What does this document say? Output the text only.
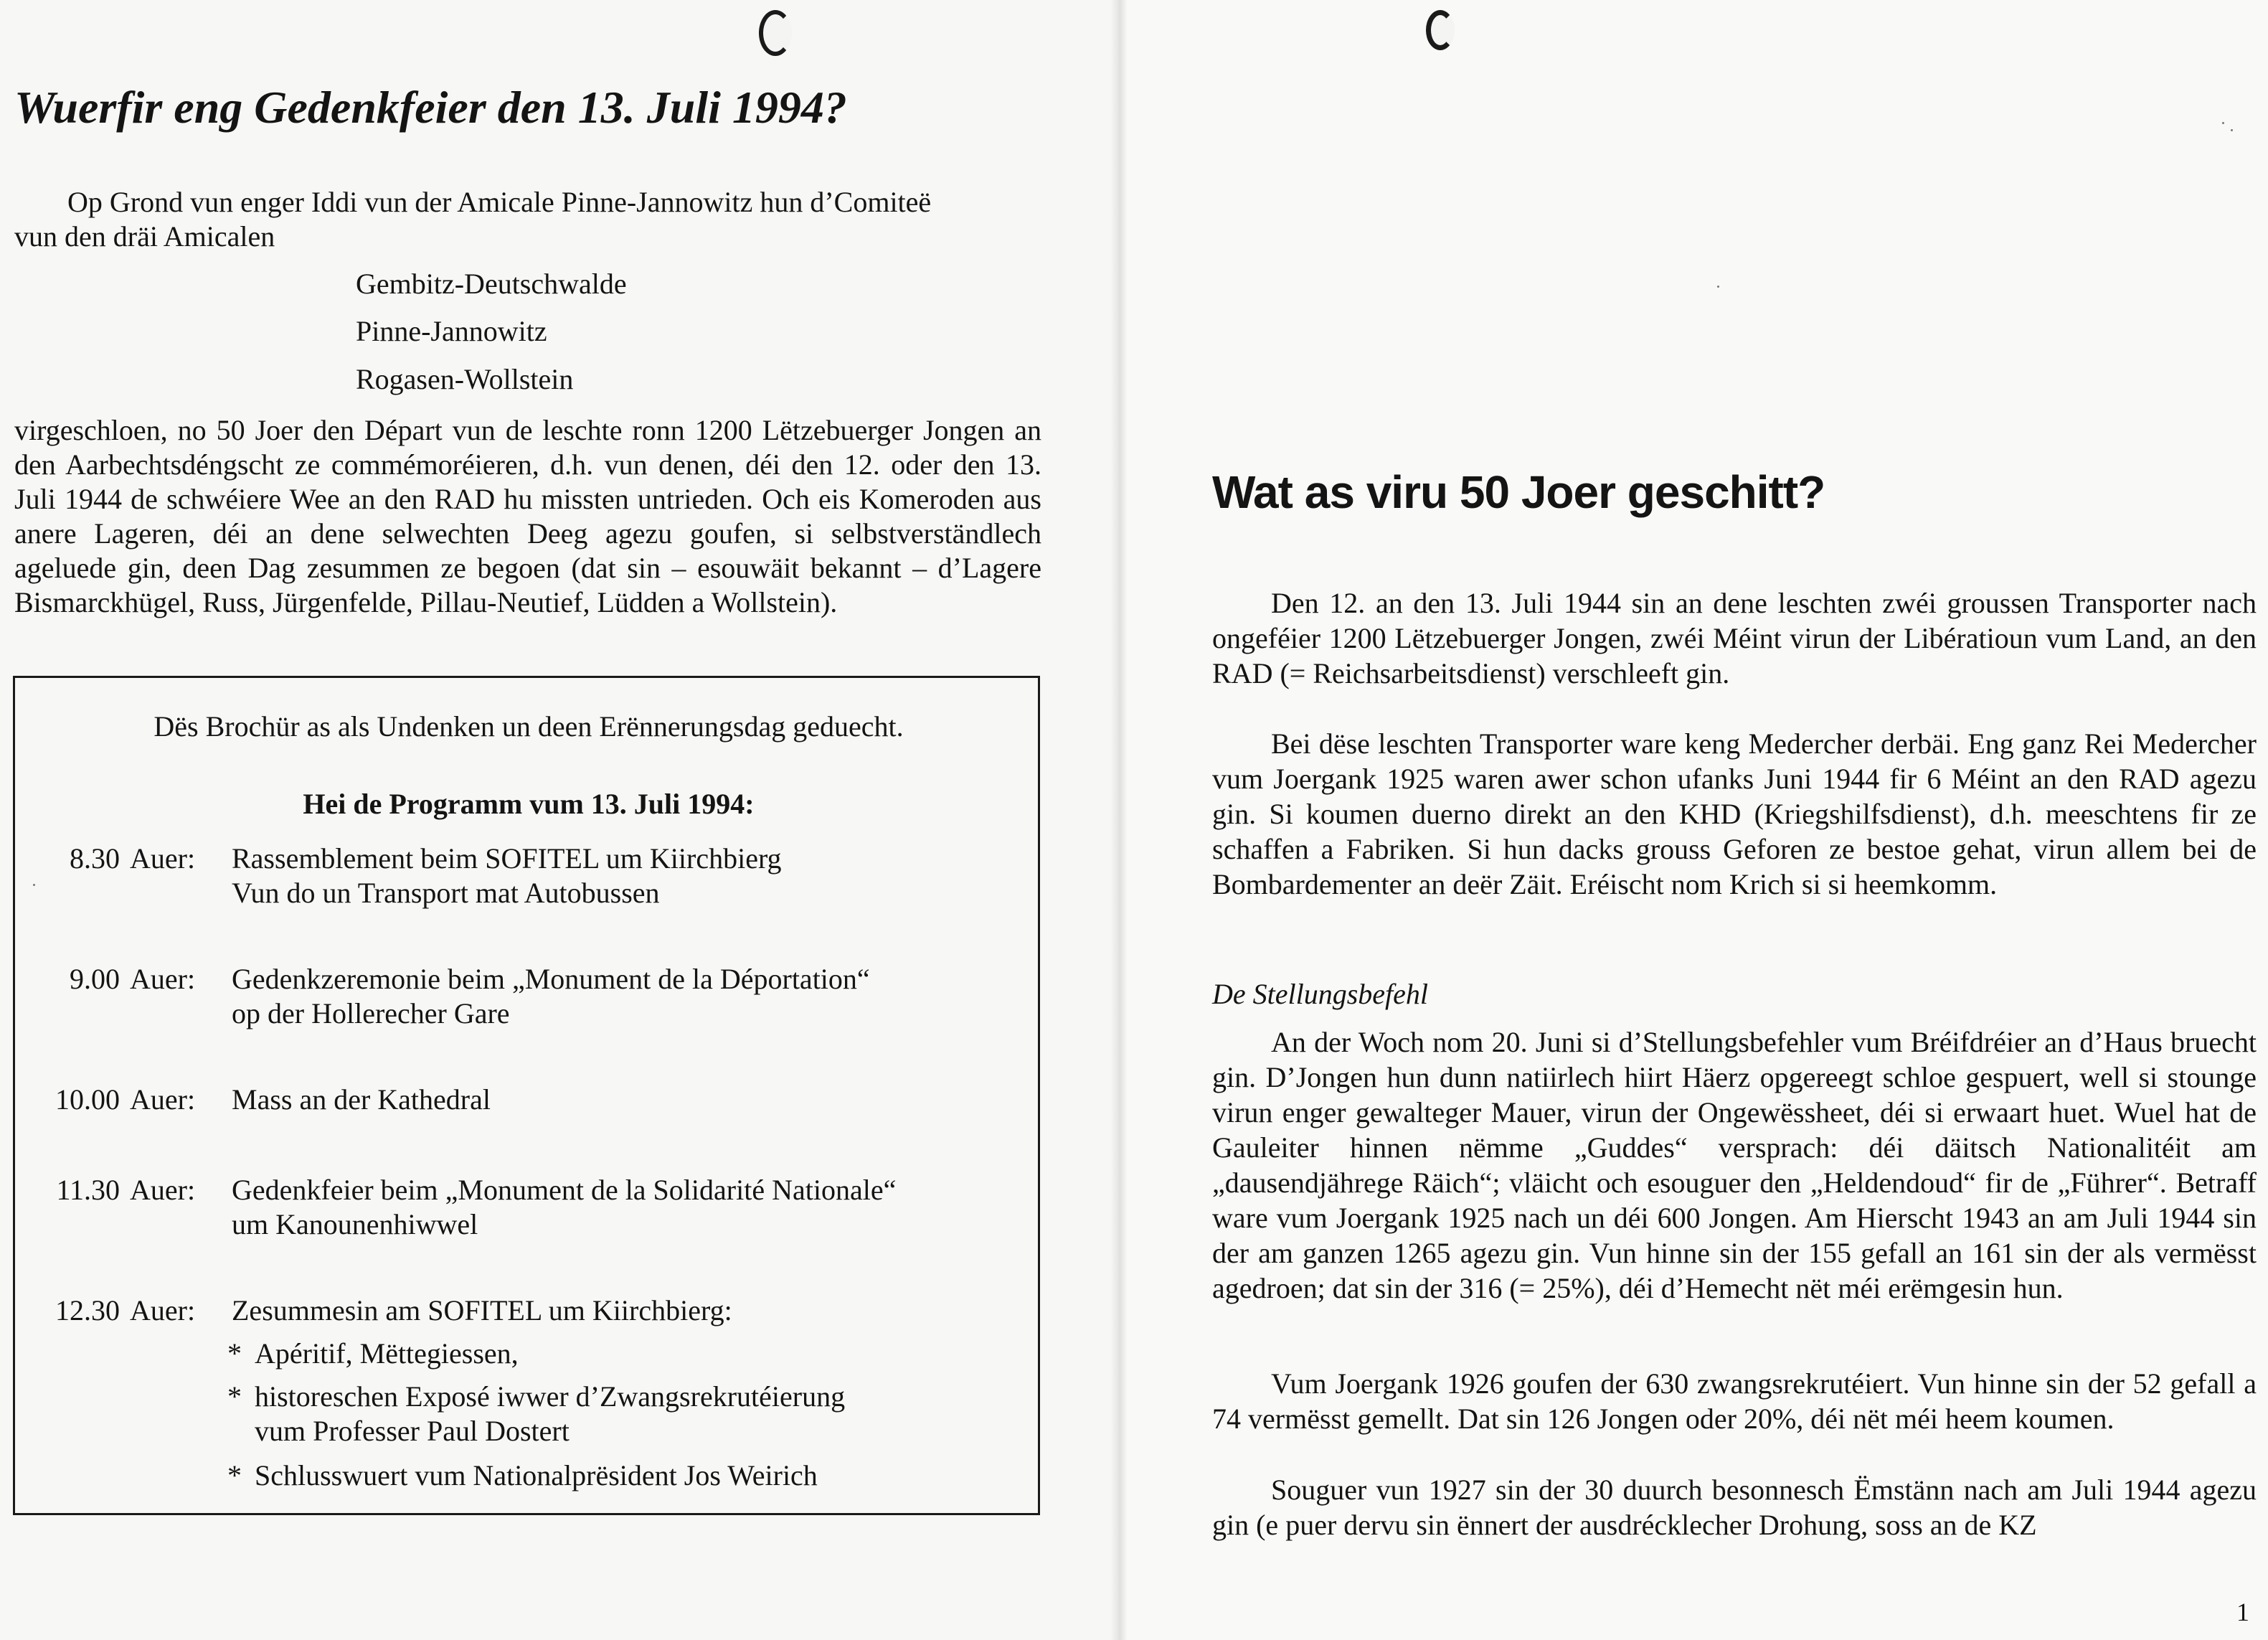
Wuerfir eng Gedenkfeier den 13. Juli 1994?
Op Grond vun enger Iddi vun der Amicale Pinne-Jannowitz hun d’Comiteë
vun den dräi Amicalen
Gembitz-Deutschwalde
Pinne-Jannowitz
Rogasen-Wollstein
virgeschloen, no 50 Joer den Départ vun de leschte ronn 1200 Lëtzebuerger Jongen an den Aarbechtsdéngscht ze commémoréieren, d.h. vun denen, déi den 12. oder den 13. Juli 1944 de schwéiere Wee an den RAD hu missten untrieden. Och eis Komeroden aus anere Lageren, déi an dene selwechten Deeg agezu goufen, si selbstverständlech ageluede gin, deen Dag zesummen ze begoen (dat sin – esouwäit bekannt – d’Lagere Bismarckhügel, Russ, Jürgenfelde, Pillau-Neutief, Lüdden a Wollstein).
Dës Brochür as als Undenken un deen Erënnerungsdag geduecht.
Hei de Programm vum 13. Juli 1994:
8.30 Auer: Rassemblement beim SOFITEL um Kiirchbierg
Vun do un Transport mat Autobussen
9.00 Auer: Gedenkzeremonie beim „Monument de la Déportation“
op der Hollerecher Gare
10.00 Auer: Mass an der Kathedral
11.30 Auer: Gedenkfeier beim „Monument de la Solidarité Nationale“
um Kanounenhiwwel
12.30 Auer: Zesummesin am SOFITEL um Kiirchbierg:
* Apéritif, Mëttegiessen,
* historeschen Exposé iwwer d’Zwangsrekrutéierung
vum Professer Paul Dostert
* Schlusswuert vum Nationalprësident Jos Weirich
Wat as viru 50 Joer geschitt?
Den 12. an den 13. Juli 1944 sin an dene leschten zwéi groussen Transporter nach ongeféier 1200 Lëtzebuerger Jongen, zwéi Méint virun der Libératioun vum Land, an den RAD (= Reichsarbeitsdienst) verschleeft gin.
Bei dëse leschten Transporter ware keng Medercher derbäi. Eng ganz Rei Medercher vum Joergank 1925 waren awer schon ufanks Juni 1944 fir 6 Méint an den RAD agezu gin. Si koumen duerno direkt an den KHD (Kriegshilfsdienst), d.h. meeschtens fir ze schaffen a Fabriken. Si hun dacks grouss Geforen ze bestoe gehat, virun allem bei de Bombardementer an deër Zäit. Eréischt nom Krich si si heemkomm.
De Stellungsbefehl
An der Woch nom 20. Juni si d’Stellungsbefehler vum Bréifdréier an d’Haus bruecht gin. D’Jongen hun dunn natiirlech hiirt Häerz opgereegt schloe gespuert, well si stounge virun enger gewalteger Mauer, virun der Ongewëssheet, déi si erwaart huet. Wuel hat de Gauleiter hinnen nëmme „Guddes“ versprach: déi däitsch Nationalitéit am „dausendjährege Räich“; vläicht och esouguer den „Heldendoud“ fir de „Führer“. Betraff ware vum Joergank 1925 nach un déi 600 Jongen. Am Hierscht 1943 an am Juli 1944 sin der am ganzen 1265 agezu gin. Vun hinne sin der 155 gefall an 161 sin der als vermësst agedroen; dat sin der 316 (= 25%), déi d’Hemecht nët méi erëmgesin hun.
Vum Joergank 1926 goufen der 630 zwangsrekrutéiert. Vun hinne sin der 52 gefall a 74 vermësst gemellt. Dat sin 126 Jongen oder 20%, déi nët méi heem koumen.
Souguer vun 1927 sin der 30 duurch besonnesch Ëmstänn nach am Juli 1944 agezu gin (e puer dervu sin ënnert der ausdrécklecher Drohung, soss an de KZ
1
